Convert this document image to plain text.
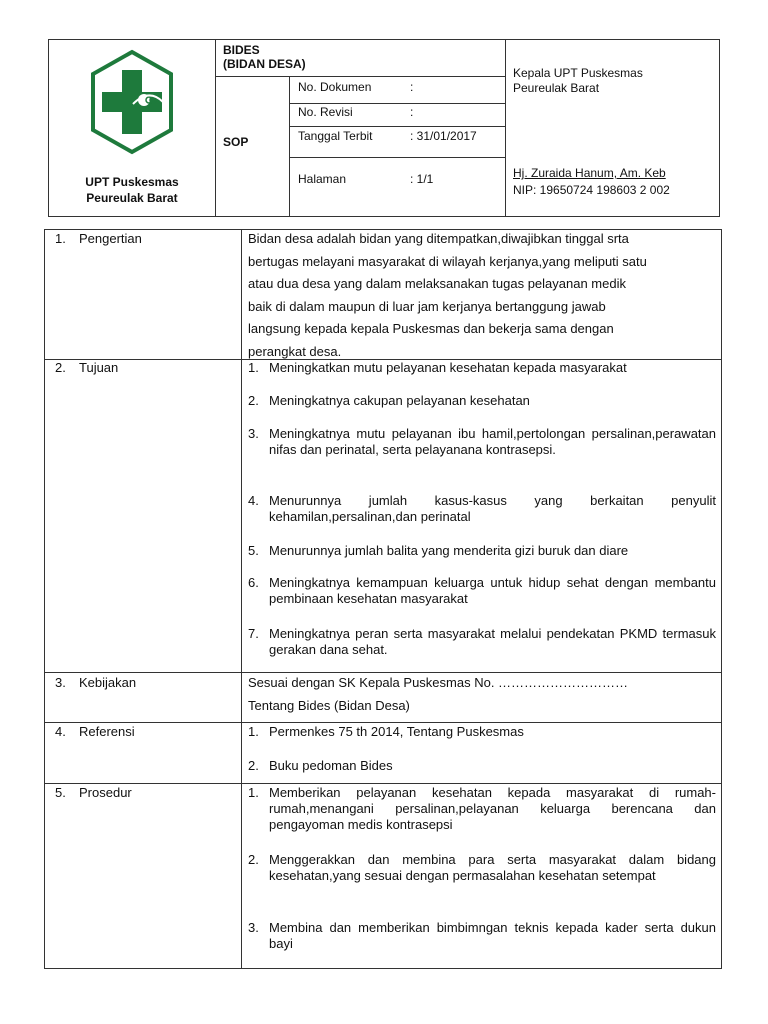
UPT Puskesmas
Peureulak Barat
BIDES
(BIDAN DESA)
SOP
No. Dokumen	:
No. Revisi	:
Tanggal Terbit	: 31/01/2017
Halaman	: 1/1
Kepala UPT Puskesmas
Peureulak Barat
Hj. Zuraida Hanum, Am. Keb
NIP: 19650724 198603 2 002
1. Pengertian	Bidan desa adalah bidan yang ditempatkan,diwajibkan tinggal srta
bertugas melayani masyarakat di wilayah kerjanya,yang meliputi satu
atau dua desa yang dalam melaksanakan tugas pelayanan medik
baik di dalam maupun di luar jam kerjanya bertanggung jawab
langsung kepada kepala Puskesmas dan bekerja sama dengan
perangkat desa.
2. Tujuan	1. Meningkatkan mutu pelayanan kesehatan kepada masyarakat
2. Meningkatnya cakupan pelayanan kesehatan
3. Meningkatnya mutu pelayanan ibu hamil,pertolongan persalinan,perawatan nifas dan perinatal, serta pelayanana kontrasepsi.
4. Menurunnya jumlah kasus-kasus yang berkaitan penyulit kehamilan,persalinan,dan perinatal
5. Menurunnya jumlah balita yang menderita gizi buruk dan diare
6. Meningkatnya kemampuan keluarga untuk hidup sehat dengan membantu pembinaan kesehatan masyarakat
7. Meningkatnya peran serta masyarakat melalui pendekatan PKMD termasuk gerakan dana sehat.
3. Kebijakan	Sesuai dengan SK Kepala Puskesmas No. …………………………
Tentang Bides (Bidan Desa)
4. Referensi	1. Permenkes 75 th 2014, Tentang Puskesmas
2. Buku pedoman Bides
5. Prosedur	1. Memberikan pelayanan kesehatan kepada masyarakat di rumah-rumah,menangani persalinan,pelayanan keluarga berencana dan pengayoman medis kontrasepsi
2. Menggerakkan dan membina para serta masyarakat dalam bidang kesehatan,yang sesuai dengan permasalahan kesehatan setempat
3. Membina dan memberikan bimbimngan teknis kepada kader serta dukun bayi
